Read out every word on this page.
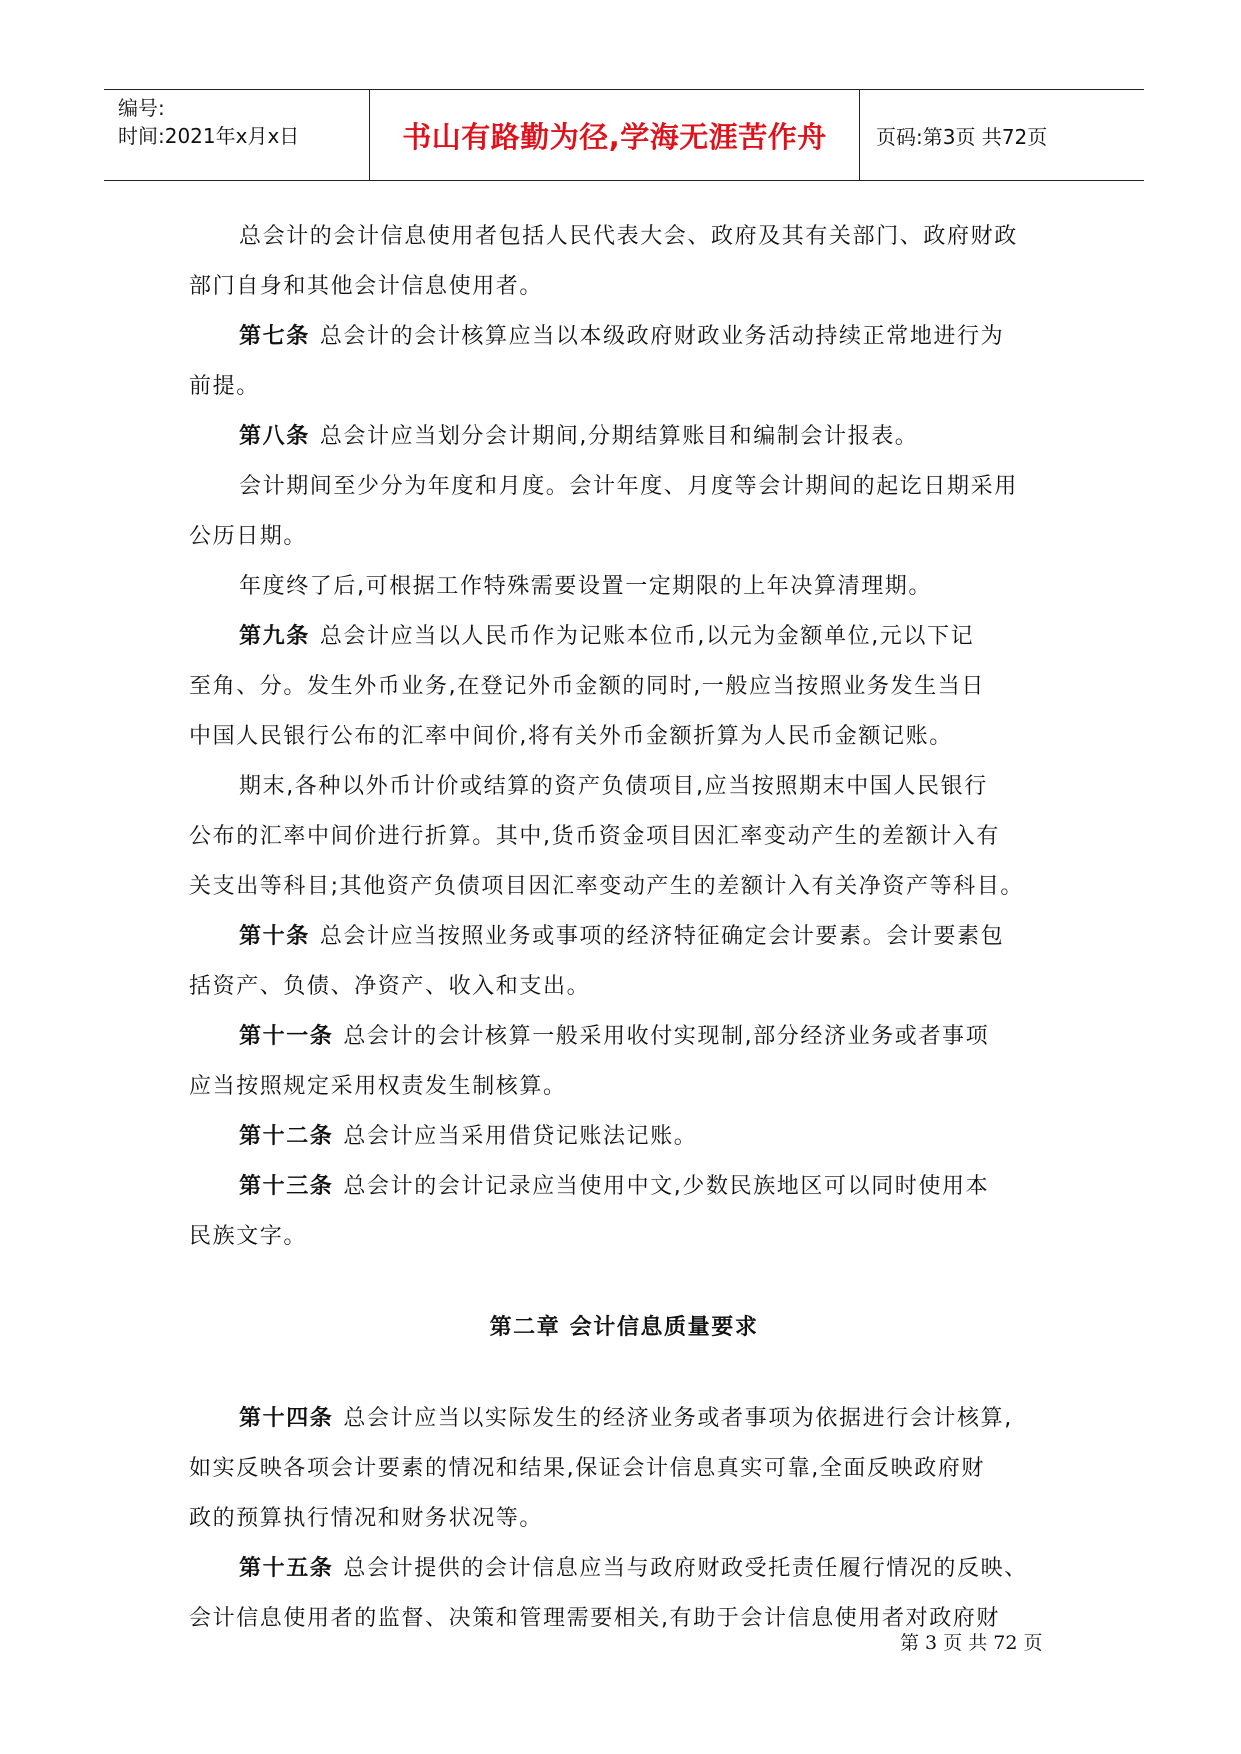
编号:
时间:2021年x月x日	书山有路勤为径,学海无涯苦作舟 页码:第3页 共72页
总会计的会计信息使用者包括人民代表大会、政府及其有关部门、政府财政
部门自身和其他会计信息使用者。
第七条 总会计的会计核算应当以本级政府财政业务活动持续正常地进行为
前提。
第八条 总会计应当划分会计期间,分期结算账目和编制会计报表。
会计期间至少分为年度和月度。会计年度、月度等会计期间的起讫日期采用
公历日期。
年度终了后,可根据工作特殊需要设置一定期限的上年决算清理期。
第九条 总会计应当以人民币作为记账本位币,以元为金额单位,元以下记
至角、分。发生外币业务,在登记外币金额的同时,一般应当按照业务发生当日
中国人民银行公布的汇率中间价,将有关外币金额折算为人民币金额记账。
期末,各种以外币计价或结算的资产负债项目,应当按照期末中国人民银行
公布的汇率中间价进行折算。其中,货币资金项目因汇率变动产生的差额计入有
关支出等科目;其他资产负债项目因汇率变动产生的差额计入有关净资产等科目。
第十条 总会计应当按照业务或事项的经济特征确定会计要素。会计要素包
括资产、负债、净资产、收入和支出。
第十一条 总会计的会计核算一般采用收付实现制,部分经济业务或者事项
应当按照规定采用权责发生制核算。
第十二条 总会计应当采用借贷记账法记账。
第十三条 总会计的会计记录应当使用中文,少数民族地区可以同时使用本
民族文字。
第二章 会计信息质量要求
第十四条 总会计应当以实际发生的经济业务或者事项为依据进行会计核算,
如实反映各项会计要素的情况和结果,保证会计信息真实可靠,全面反映政府财
政的预算执行情况和财务状况等。
第十五条 总会计提供的会计信息应当与政府财政受托责任履行情况的反映、
会计信息使用者的监督、决策和管理需要相关,有助于会计信息使用者对政府财
第 3 页 共 72 页
